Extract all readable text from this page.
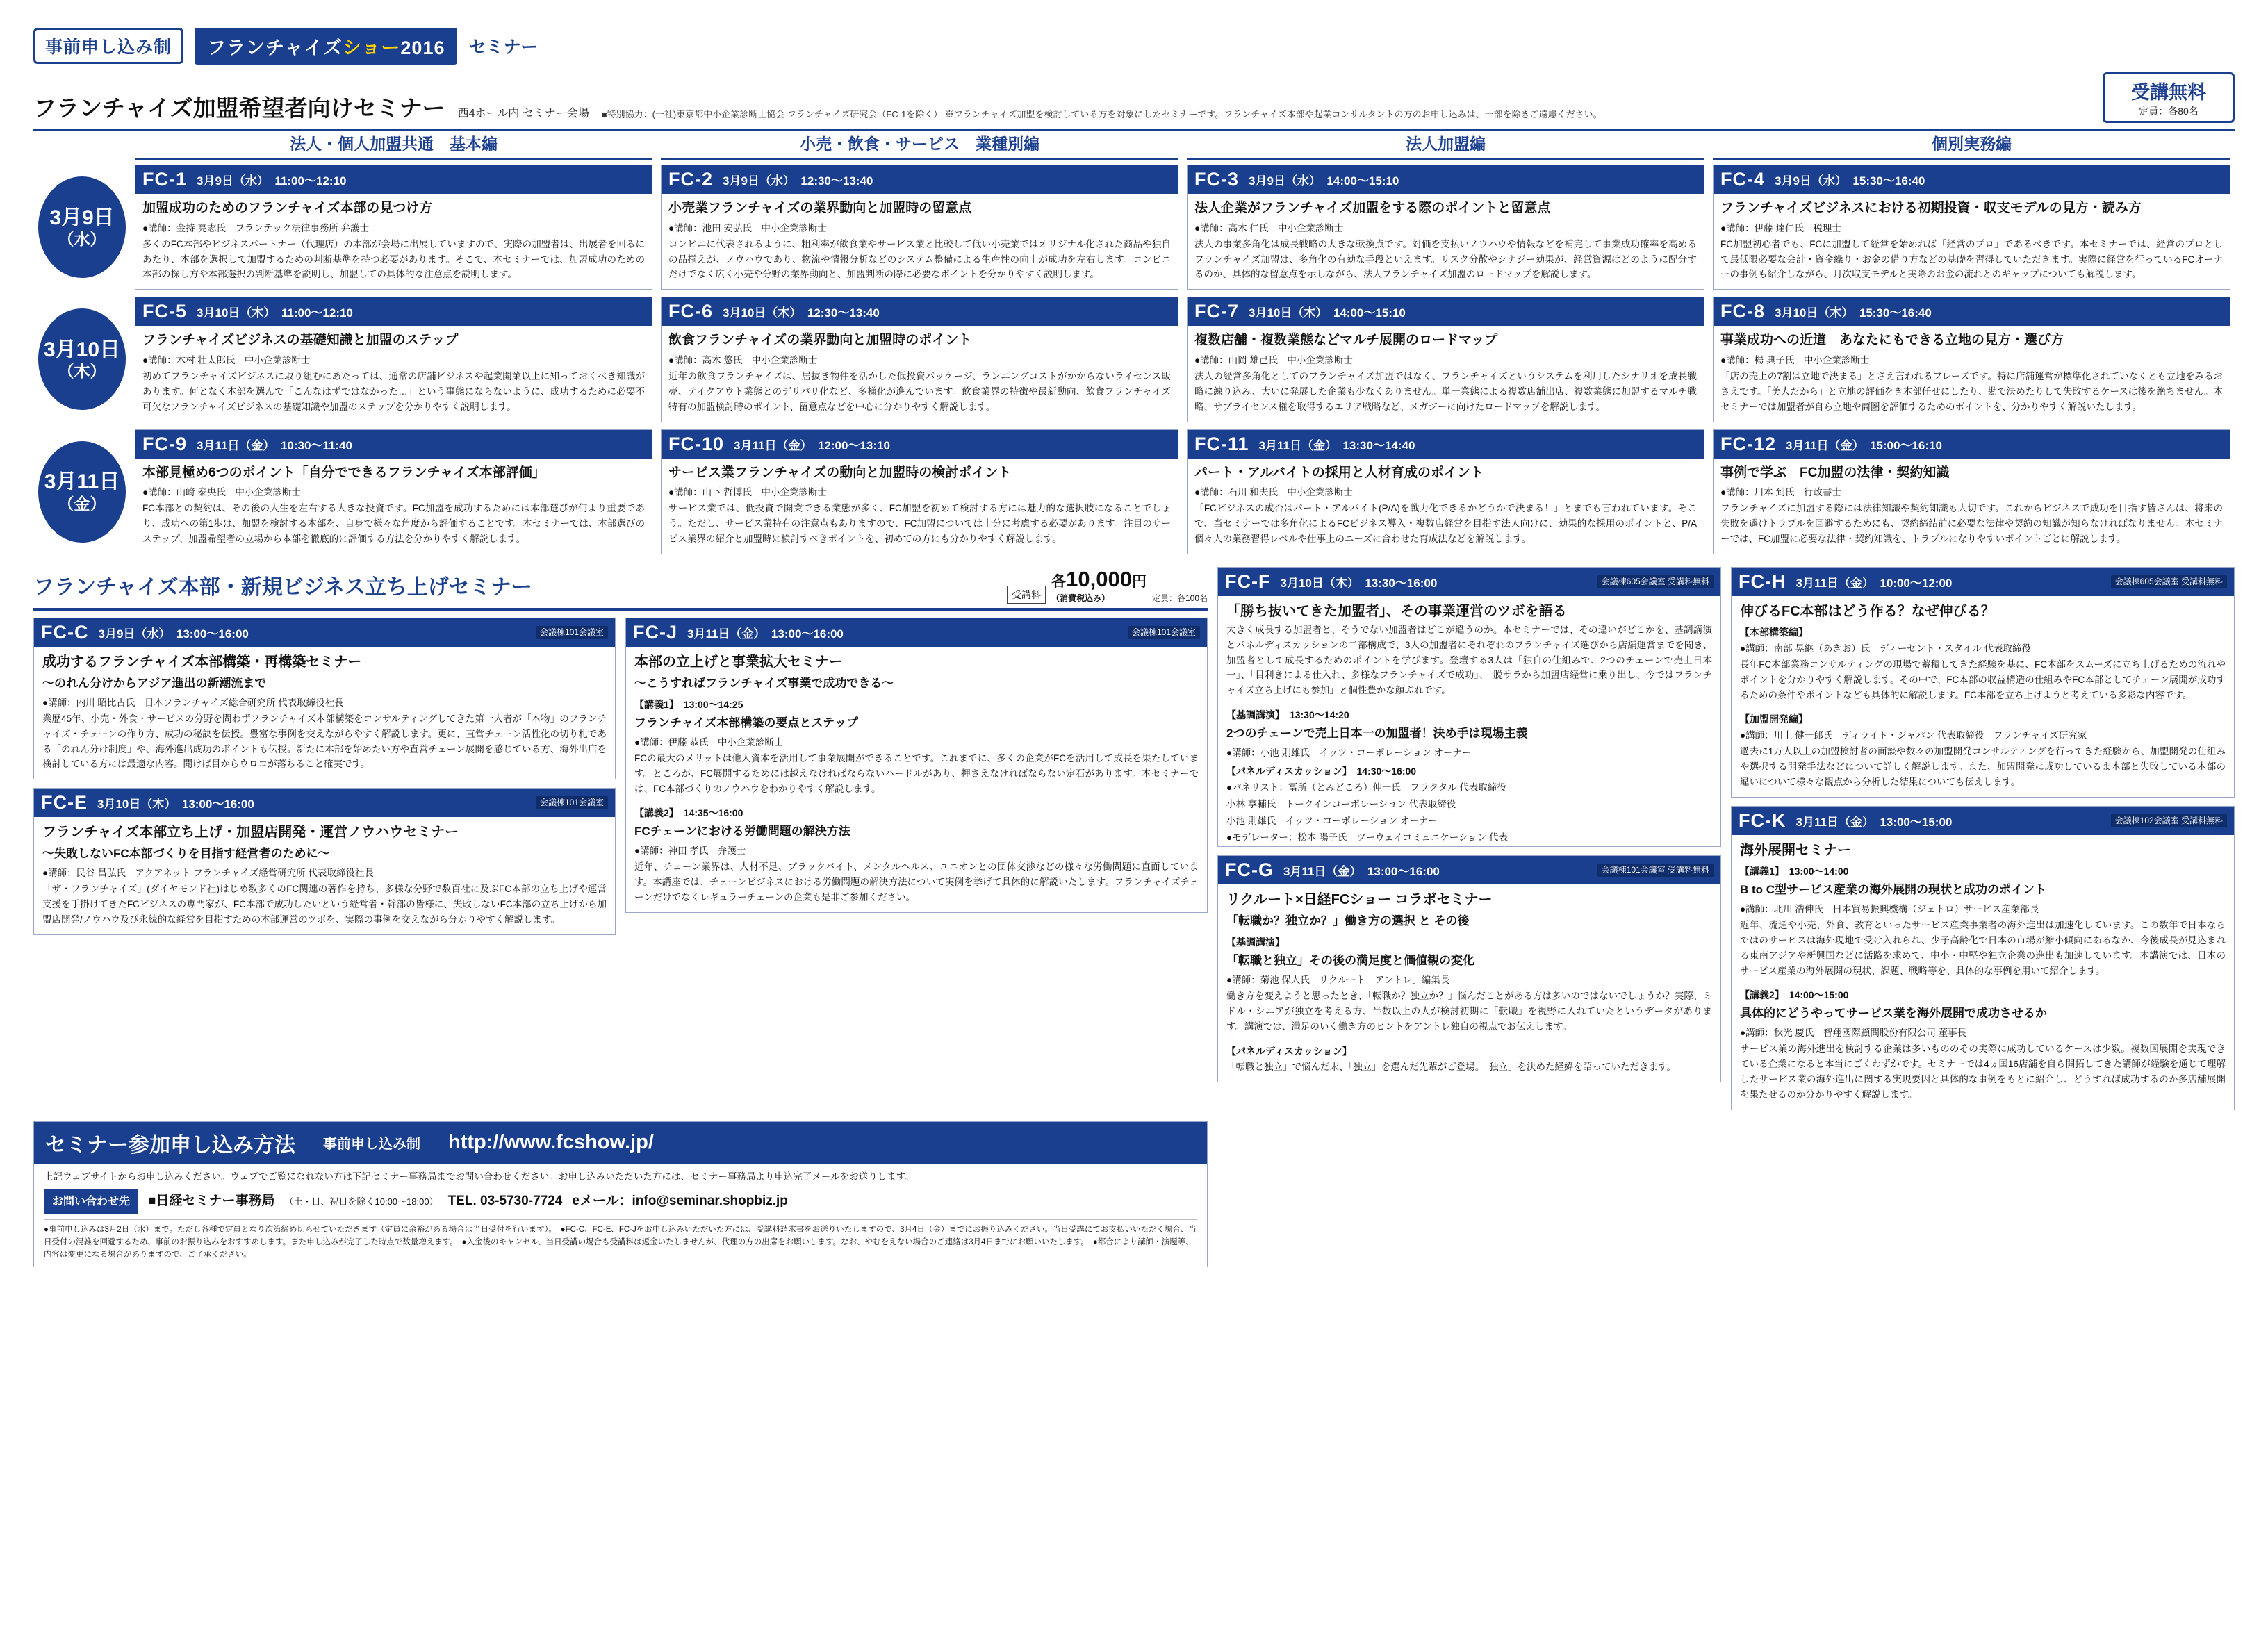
事前申し込み制	フランチャイズショー2016	セミナー
フランチャイズ加盟希望者向けセミナー 西4ホール内 セミナー会場 ■特別協力：(一社)東京都中小企業診断士協会 フランチャイズ研究会（FC-1を除く） ※フランチャイズ加盟を検討している方を対象にしたセミナーです。フランチャイズ本部や起業コンサルタントの方のお申し込みは、一部を除きご遠慮ください。
受講無料
定員：各80名
法人・個人加盟共通　基本編	小売・飲食・サービス　業種別編	法人加盟編	個別実務編
3月9日
（水）
FC-1 3月9日（水）　11:00〜12:10
加盟成功のためのフランチャイズ本部の見つけ方
●講師：金持 亮志氏　フランテック法律事務所 弁護士
多くのFC本部やビジネスパートナー（代理店）の本部が会場に出展していますので、実際の加盟者は、出展者を回るにあたり、本部を選択して加盟するための判断基準を持つ必要があります。そこで、本セミナーでは、加盟成功のための本部の探し方や本部選択の判断基準を説明し、加盟しての具体的な注意点を説明します。
FC-2 3月9日（水）　12:30〜13:40
小売業フランチャイズの業界動向と加盟時の留意点
●講師：池田 安弘氏　中小企業診断士
コンビニに代表されるように、粗利率が飲食業やサービス業と比較して低い小売業ではオリジナル化された商品や独自の品揃えが、ノウハウであり、物流や情報分析などのシステム整備による生産性の向上が成功を左右します。コンビニだけでなく広く小売や分野の業界動向と、加盟判断の際に必要なポイントを分かりやすく説明します。
FC-3 3月9日（水）　14:00〜15:10
法人企業がフランチャイズ加盟をする際のポイントと留意点
●講師：高木 仁氏　中小企業診断士
法人の事業多角化は成長戦略の大きな転換点です。対価を支払いノウハウや情報などを補完して事業成功確率を高めるフランチャイズ加盟は、多角化の有効な手段といえます。リスク分散やシナジー効果が、経営資源はどのように配分するのか、具体的な留意点を示しながら、法人フランチャイズ加盟のロードマップを解説します。
FC-4 3月9日（水）　15:30〜16:40
フランチャイズビジネスにおける初期投資・収支モデルの見方・読み方
●講師：伊藤 達仁氏　税理士
FC加盟初心者でも、FCに加盟して経営を始めれば「経営のプロ」であるべきです。本セミナーでは、経営のプロとして最低限必要な会計・資金繰り・お金の借り方などの基礎を習得していただきます。実際に経営を行っているFCオーナーの事例も紹介しながら、月次収支モデルと実際のお金の流れとのギャップについても解説します。
3月10日
（木）
FC-5 3月10日（木）　11:00〜12:10
フランチャイズビジネスの基礎知識と加盟のステップ
●講師：木村 壮太郎氏　中小企業診断士
初めてフランチャイズビジネスに取り組むにあたっては、通常の店舗ビジネスや起業開業以上に知っておくべき知識があります。何となく本部を選んで「こんなはずではなかった…」という事態にならないように、成功するために必要不可欠なフランチャイズビジネスの基礎知識や加盟のステップを分かりやすく説明します。
FC-6 3月10日（木）　12:30〜13:40
飲食フランチャイズの業界動向と加盟時のポイント
●講師：高木 悠氏　中小企業診断士
近年の飲食フランチャイズは、居抜き物件を活かした低投資パッケージ、ランニングコストがかからないライセンス販売、テイクアウト業態とのデリバリ化など、多様化が進んでいます。飲食業界の特徴や最新動向、飲食フランチャイズ特有の加盟検討時のポイント、留意点などを中心に分かりやすく解説します。
FC-7 3月10日（木）　14:00〜15:10
複数店舗・複数業態などマルチ展開のロードマップ
●講師：山岡 雄己氏　中小企業診断士
法人の経営多角化としてのフランチャイズ加盟ではなく、フランチャイズというシステムを利用したシナリオを成長戦略に練り込み、大いに発展した企業も少なくありません。単一業態による複数店舗出店、複数業態に加盟するマルチ戦略、サブライセンス権を取得するエリア戦略など、メガジーに向けたロードマップを解説します。
FC-8 3月10日（木）　15:30〜16:40
事業成功への近道　あなたにもできる立地の見方・選び方
●講師：楊 典子氏　中小企業診断士
「店の売上の7割は立地で決まる」とさえ言われるフレーズです。特に店舗運営が標準化されていなくとも立地をみるおさえです。「美人だから」と立地の評価をき本部任せにしたり、勘で決めたりして失敗するケースは後を絶ちません。本セミナーでは加盟者が自ら立地や商圏を評価するためのポイントを、分かりやすく解説いたします。
3月11日
（金）
FC-9 3月11日（金）　10:30〜11:40
本部見極め6つのポイント「自分でできるフランチャイズ本部評価」
●講師：山﨑 泰央氏　中小企業診断士
FC本部との契約は、その後の人生を左右する大きな投資です。FC加盟を成功するためには本部選びが何より重要であり、成功への第1歩は、加盟を検討する本部を、自身で様々な角度から評価することです。本セミナーでは、本部選びのステップ、加盟希望者の立場から本部を徹底的に評価する方法を分かりやすく解説します。
FC-10 3月11日（金）　12:00〜13:10
サービス業フランチャイズの動向と加盟時の検討ポイント
●講師：山下 哲博氏　中小企業診断士
サービス業では、低投資で開業できる業態が多く、FC加盟を初めて検討する方には魅力的な選択肢になることでしょう。ただし、サービス業特有の注意点もありますので、FC加盟については十分に考慮する必要があります。注目のサービス業界の紹介と加盟時に検討すべきポイントを、初めての方にも分かりやすく解説します。
FC-11 3月11日（金）　13:30〜14:40
パート・アルバイトの採用と人材育成のポイント
●講師：石川 和夫氏　中小企業診断士
「FCビジネスの成否はパート・アルバイト(P/A)を戦力化できるかどうかで決まる！」とまでも言われています。そこで、当セミナーでは多角化によるFCビジネス導入・複数店経営を目指す法人向けに、効果的な採用のポイントと、P/A個々人の業務習得レベルや仕事上のニーズに合わせた育成法などを解説します。
FC-12 3月11日（金）　15:00〜16:10
事例で学ぶ　FC加盟の法律・契約知識
●講師：川本 到氏　行政書士
フランチャイズに加盟する際には法律知識や契約知識も大切です。これからビジネスで成功を目指す皆さんは、将来の失敗を避けトラブルを回避するためにも、契約締結前に必要な法律や契約の知識が知らなければなりません。本セミナーでは、FC加盟に必要な法律・契約知識を、トラブルになりやすいポイントごとに解説します。
フランチャイズ本部・新規ビジネス立ち上げセミナー	受講料
各10,000円
（消費税込み）	定員：各100名
FC-C 3月9日（水）　13:00〜16:00	会議棟101会議室
成功するフランチャイズ本部構築・再構築セミナー
〜のれん分けからアジア進出の新潮流まで
●講師：内川 昭比古氏　日本フランチャイズ総合研究所 代表取締役社長
業歴45年、小売・外食・サービスの分野を問わずフランチャイズ本部構築をコンサルティングしてきた第一人者が「本物」のフランチャイズ・チェーンの作り方、成功の秘訣を伝授。豊富な事例を交えながらやすく解説します。更に、直営チェーン活性化の切り札である「のれん分け制度」や、海外進出成功のポイントも伝授。新たに本部を始めたい方や直営チェーン展開を感じている方、海外出店を検討している方には最適な内容。聞けば目からウロコが落ちること確実です。
FC-E 3月10日（木）　13:00〜16:00	会議棟101会議室
フランチャイズ本部立ち上げ・加盟店開発・運営ノウハウセミナー
〜失敗しないFC本部づくりを目指す経営者のために〜
●講師：民谷 昌弘氏　アクアネット フランチャイズ経営研究所 代表取締役社長
「ザ・フランチャイズ」(ダイヤモンド社)はじめ数多くのFC関連の著作を持ち、多様な分野で数百社に及ぶFC本部の立ち上げや運営支援を手掛けてきたFCビジネスの専門家が、FC本部で成功したいという経営者・幹部の皆様に、失敗しないFC本部の立ち上げから加盟店開発/ノウハウ及び永続的な経営を目指すための本部運営のツボを、実際の事例を交えながら分かりやすく解説します。
FC-J 3月11日（金）　13:00〜16:00	会議棟101会議室
本部の立上げと事業拡大セミナー
〜こうすればフランチャイズ事業で成功できる〜
【講義1】　13:00〜14:25
フランチャイズ本部構築の要点とステップ
●講師：伊藤 恭氏　中小企業診断士
FCの最大のメリットは他人資本を活用して事業展開ができることです。これまでに、多くの企業がFCを活用して成長を果たしています。ところが、FC展開するためには越えなければならないハードルがあり、押さえなければならない定石があります。本セミナーでは、FC本部づくりのノウハウをわかりやすく解説します。
【講義2】　14:35〜16:00
FCチェーンにおける労働問題の解決方法
●講師：神田 孝氏　弁護士
近年、チェーン業界は、人材不足、ブラックバイト、メンタルヘルス、ユニオンとの団体交渉などの様々な労働問題に直面しています。本講座では、チェーンビジネスにおける労働問題の解決方法について実例を挙げて具体的に解説いたします。フランチャイズチェーンだけでなくレギュラーチェーンの企業も是非ご参加ください。
FC-F 3月10日（木）　13:30〜16:00	会議棟605会議室 受講料無料
「勝ち抜いてきた加盟者」、その事業運営のツボを語る
大きく成長する加盟者と、そうでない加盟者はどこが違うのか。本セミナーでは、その違いがどこかを、基調講演とパネルディスカッションの二部構成で、3人の加盟者にそれぞれのフランチャイズ選びから店舗運営までを聞き、加盟者として成長するためのポイントを学びます。登壇する3人は「独自の仕組みで、2つのチェーンで売上日本一」、「目利きによる仕入れ、多様なフランチャイズで成功」、「脱サラから加盟店経営に乗り出し、今ではフランチャイズ立ち上げにも参加」と個性豊かな顔ぶれです。
【基調講演】　13:30〜14:20
2つのチェーンで売上日本一の加盟者！決め手は現場主義
●講師：小池 則雄氏　イッツ・コーポレーション オーナー
【パネルディスカッション】　14:30〜16:00
●パネリスト：冨所（とみどころ）伸一氏　フラクタル 代表取締役
小林 享輔氏　トークインコーポレーション 代表取締役
小池 則雄氏　イッツ・コーポレーション オーナー
●モデレーター：松本 陽子氏　ツーウェイコミュニケーション 代表
FC-G 3月11日（金）　13:00〜16:00	会議棟101会議室 受講料無料
リクルート×日経FCショー コラボセミナー
「転職か？独立か？」働き方の選択 と その後
【基調講演】
「転職と独立」その後の満足度と価値観の変化
●講師：菊池 保人氏　リクルート「アントレ」編集長
働き方を変えようと思ったとき、「転職か？独立か？」悩んだことがある方は多いのではないでしょうか？実際、ミドル・シニアが独立を考える方、半数以上の人が検討初期に「転職」を視野に入れていたというデータがあります。講演では、満足のいく働き方のヒントをアントレ独自の視点でお伝えします。
【パネルディスカッション】
「転職と独立」で悩んだ末、「独立」を選んだ先輩がご登場。「独立」を決めた経緯を語っていただきます。
FC-H 3月11日（金）　10:00〜12:00	会議棟605会議室 受講料無料
伸びるFC本部はどう作る？なぜ伸びる？
【本部構築編】
●講師：南部 晃継（あきお）氏　ディーセント・スタイル 代表取締役
長年FC本部業務コンサルティングの現場で蓄積してきた経験を基に、FC本部をスムーズに立ち上げるための流れやポイントを分かりやすく解説します。その中で、FC本部の収益構造の仕組みやFC本部としてチェーン展開が成功するための条件やポイントなども具体的に解説します。FC本部を立ち上げようと考えている多彩な内容です。
【加盟開発編】
●講師：川上 健一郎氏　ディライト・ジャパン 代表取締役　フランチャイズ研究家
過去に1万人以上の加盟検討者の面談や数々の加盟開発コンサルティングを行ってきた経験から、加盟開発の仕組みや選択する開発手法などについて詳しく解説します。また、加盟開発に成功しているま本部と失敗している本部の違いについて様々な観点から分析した結果についても伝えします。
FC-K 3月11日（金）　13:00〜15:00	会議棟102会議室 受講料無料
海外展開セミナー
【講義1】　13:00〜14:00
B to C型サービス産業の海外展開の現状と成功のポイント
●講師：北川 浩伸氏　日本貿易振興機構（ジェトロ）サービス産業部長
近年、流通や小売、外食、教育といったサービス産業事業者の海外進出は加速化しています。この数年で日本ならではのサービスは海外現地で受け入れられ、少子高齢化で日本の市場が縮小傾向にあるなか、今後成長が見込まれる東南アジアや新興国などに活路を求めて、中小・中堅や独立企業の進出も加速しています。本講演では、日本のサービス産業の海外展開の現状、課題、戦略等を、具体的な事例を用いて紹介します。
【講義2】　14:00〜15:00
具体的にどうやってサービス業を海外展開で成功させるか
●講師：秋光 慶氏　智翔國際顧問股份有限公司 董事長
サービス業の海外進出を検討する企業は多いもののその実際に成功しているケースは少数。複数国展開を実現できている企業になると本当にごくわずかです。セミナーでは4ヵ国16店舗を自ら開拓してきた講師が経験を通じて理解したサービス業の海外進出に関する実現要因と具体的な事例をもとに紹介し、どうすれば成功するのか多店舗展開を果たせるのか分かりやすく解説します。
セミナー参加申し込み方法 事前申し込み制 http://www.fcshow.jp/
上記ウェブサイトからお申し込みください。ウェブでご覧になれない方は下記セミナー事務局までお問い合わせください。お申し込みいただいた方には、セミナー事務局より申込完了メールをお送りします。
お問い合わせ先	■日経セミナー事務局 （土・日、祝日を除く10:00〜18:00） TEL. 03-5730-7724 eメール：info@seminar.shopbiz.jp
●事前申し込みは3月2日（水）まで。ただし各種で定員となり次第締め切らせていただきます（定員に余裕がある場合は当日受付を行います）。　●FC-C、FC-E、FC-Jをお申し込みいただいた方には、受講料請求書をお送りいたしますので、3月4日（金）までにお振り込みください。当日受講にてお支払いいただく場合、当日受付の混雑を回避するため、事前のお振り込みをおすすめします。また申し込みが完了した時点で数量増えます。　●入金後のキャンセル、当日受講の場合も受講料は返金いたしませんが、代理の方の出席をお願いします。なお、やむをえない場合のご連絡は3月4日までにお願いいたします。　●都合により講師・演題等、内容は変更になる場合がありますので、ご了承ください。
